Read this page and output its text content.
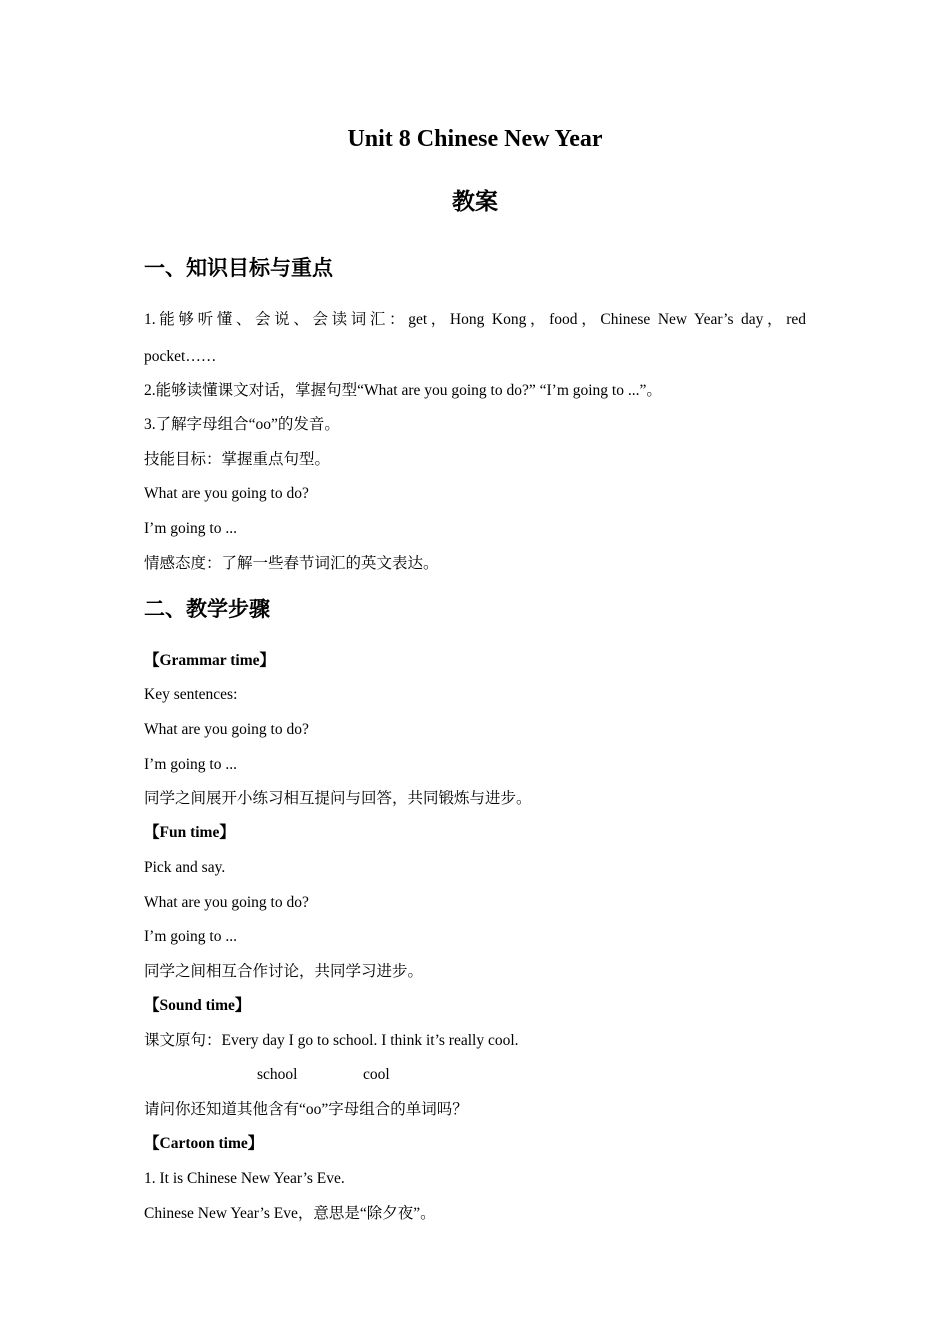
Unit 8 Chinese New Year
教案
一、知识目标与重点
1.能够听懂、会说、会读词汇：get，Hong Kong，food，Chinese New Year’s day，red
pocket……
2.能够读懂课文对话，掌握句型“What are you going to do?” “I’m going to ...”。
3.了解字母组合“oo”的发音。
技能目标：掌握重点句型。
What are you going to do?
I’m going to ...
情感态度：了解一些春节词汇的英文表达。
二、教学步骤
【Grammar time】
Key sentences:
What are you going to do?
I’m going to ...
同学之间展开小练习相互提问与回答，共同锻炼与进步。
【Fun time】
Pick and say.
What are you going to do?
I’m going to ...
同学之间相互合作讨论，共同学习进步。
【Sound time】
课文原句：Every day I go to school. I think it’s really cool.
school	cool
请问你还知道其他含有“oo”字母组合的单词吗？
【Cartoon time】
1. It is Chinese New Year’s Eve.
Chinese New Year’s Eve，意思是“除夕夜”。
